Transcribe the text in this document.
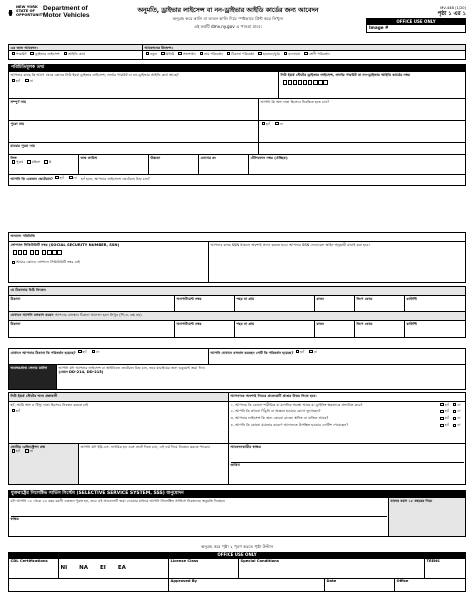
NEW YORK STATE OF OPPORTUNITY
Department of Motor Vehicles
অনুমতি, ড্রাইভার লাইসেন্স বা নন-ড্রাইভার আইডি কার্ডের জন্য আবেদন
অনুগ্রহ করে কালি বা ডাবল কালি দিয়ে স্পষ্টভাবে প্রিন্ট করে লিখুন।
এই ফর্মটি dmv.ny.gov এ পাওয়া যাবে।
MV-44B (1/20)
পৃষ্ঠা ১ এর ১
OFFICE USE ONLY
Image #
এর জন্য আবেদন:	আবেদনের উদ্দেশ্য:
পারমিট ড্রাইভার লাইসেন্স আইডি কার্ড	নতুন রিনিউ সংশোধন নাম পরিবর্তন ঠিকানা পরিবর্তন হারানো/চুরি বদলানো শ্রেণী পরিবর্তন
পরিচিতিমূলক তথ্য
আপনার কাছে কি আগে থেকে কোনও নিউ ইয়র্ক ড্রাইভার লাইসেন্স, লার্নার পারমিট বা নন-ড্রাইভার আইডি কার্ড আছে?
হ্যাঁ
	না
নিউ ইয়র্ক স্টেটের ড্রাইভার লাইসেন্স, লার্নার পারমিট বা নন-ড্রাইভার আইডি কার্ডের নম্বর
সম্পূর্ণ নাম	আপনি কি অঙ্গ দাতা হিসেবে নিবন্ধিত হতে চান?
পুরো নাম	হ্যাঁ
	না
মাঝের পুরো নাম
লিঙ্গ
পুরুষ মহিলা X
জন্ম তারিখ	উচ্চতা	চোখের রং	টেলিফোন নম্বর (ঐচ্ছিক)
আপনি কি একজন ভেটেরান? হ্যাঁ
	না হ্যাঁ হলে, আপনার লাইসেন্সে ভেটেরান চিহ্ন চান?
অন্যান্য পরিচিতি
সোশ্যাল সিকিউরিটি নম্বর (SOCIAL SECURITY NUMBER, SSN)
আমার কোনও সোশ্যাল সিকিউরিটি নম্বর নেই
আপনার কাছে SSN থাকলে অবশ্যই প্রদান করতে হবে। আপনার SSN ফেডারেল আইন অনুযায়ী যাচাই করা হবে।
যে ঠিকানায় চিঠি নিতেন
ঠিকানা	অ্যাপার্টমেন্ট নম্বর	শহর বা গ্রাম	রাজ্য	জিপ কোড	কাউন্টি
যেখানে আপনি বসবাস করেন আপনার বাসস্থান ঠিকানা আলাদা হলে লিখুন (পি.ও. বক্স নয়)
ঠিকানা	অ্যাপার্টমেন্ট নম্বর	শহর বা গ্রাম	রাজ্য	জিপ কোড	কাউন্টি
যেখানে আপনার ঠিকানা কি পরিবর্তন হয়েছে? হ্যাঁ
	না	আপনি যেখানে বসবাস করছেন সেটি কি পরিবর্তন হয়েছে? হ্যাঁ
	না
অবসরপ্রাপ্ত সেনার মর্যাদা	আপনি যদি আপনার লাইসেন্স বা আইডিতে ভেটেরান চিহ্ন চান, তবে যাচাইয়ের জন্য ডকুমেন্ট জমা দিন।
(যেমন DD-214, DD-215)
নিউ ইয়র্ক স্টেটের অন্য প্রশ্নাবলী	আপনাকে অবশ্যই নিচের প্রত্যেকটি প্রশ্নের উত্তর দিতে হবে:
হ্যাঁ, আমি অঙ্গ ও টিস্যু দাতা হিসেবে নিবন্ধন করতে চাই
হ্যাঁ
১. আপনার কি কোনো শারীরিক বা মানসিক অবস্থা আছে যা ড্রাইভিং ক্ষমতাকে প্রভাবিত করে?	হ্যাঁ না
২. আপনি কি কখনো খিঁচুনি বা অজ্ঞান হওয়ার রোগে ভুগেছেন?	হ্যাঁ না
৩. আপনার লাইসেন্স কি অন্য কোনো রাজ্যে স্থগিত বা বাতিল আছে?	হ্যাঁ না
৪. আপনি কি কোনো মামলার কারণে আদালতে উপস্থিত হওয়ার নোটিশ পেয়েছেন?	হ্যাঁ না
ভোটার রেজিস্ট্রেশন প্রশ্ন
হ্যাঁ
	না
আপনি যদি ইউ.এস. নাগরিক হন এবং ভোট দিতে চান, এই ফর্ম দিয়ে নিবন্ধন করতে পারেন।	আবেদনকারীর স্বাক্ষর
তারিখ
যুক্তরাষ্ট্রের সিলেক্টিভ সার্ভিস সিস্টেম (SELECTIVE SERVICE SYSTEM, SSS) অনুমোদন
যদি আপনি ১৮ থেকে ২৬ বছর বয়সী একজন পুরুষ হন, তবে এই আবেদনটি জমা দেওয়ার মাধ্যমে আপনি সিলেক্টিভ সার্ভিসে নিবন্ধনের অনুমতি দিচ্ছেন।
স্বাক্ষর
যাদের বয়স ১৮ বছরের নিচে
অনুগ্রহ করে পৃষ্ঠা ২ পূরণ করতে পৃষ্ঠা উল্টান
OFFICE USE ONLY
CDL Certifications
NI NA EI EA
License Class	Special Conditions	TEENS
Approved By	Date	Office
